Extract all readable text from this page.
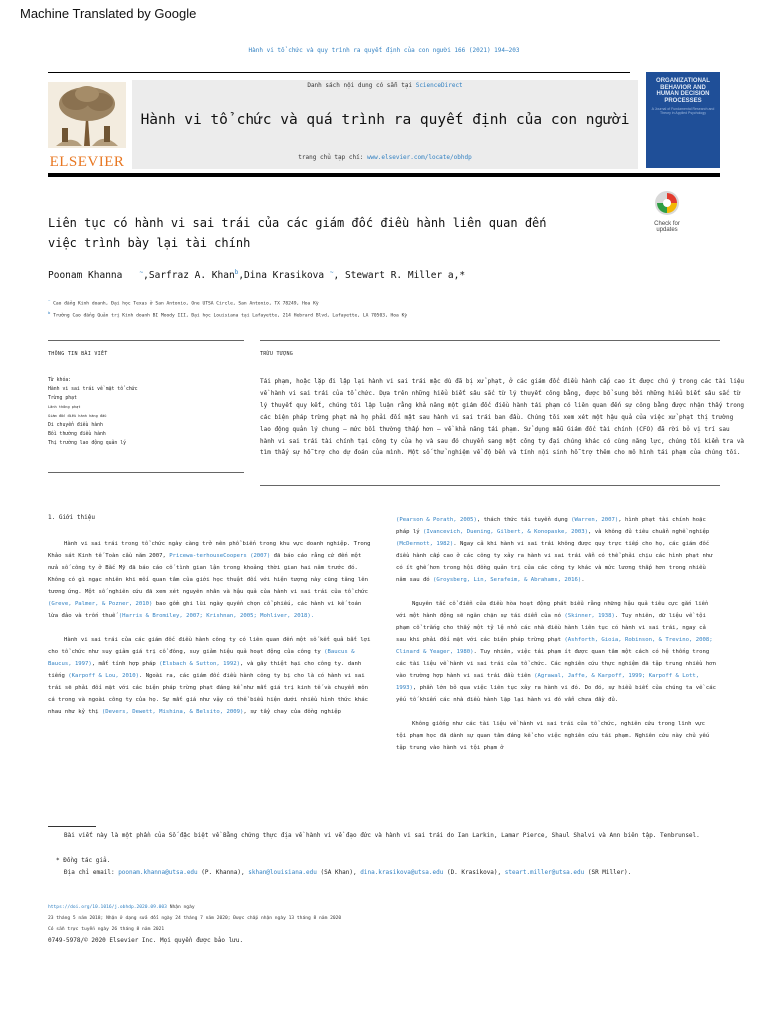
Machine Translated by Google
Hành vi tổ chức và quy trình ra quyết định của con người 166 (2021) 194–203
ELSEVIER
Danh sách nội dung có sẵn tại ScienceDirect
Hành vi tổ chức và quá trình ra quyết định của con người
trang chủ tạp chí: www.elsevier.com/locate/obhdp
ORGANIZATIONAL BEHAVIOR AND HUMAN DECISION PROCESSES
A Journal of Fundamental Research and Theory in Applied Psychology
Check for updates
Liên tục có hành vi sai trái của các giám đốc điều hành liên quan đến
việc trình bày lại tài chính
Poonam Khanna	~,Sarfraz A. Khan$^b$,Dina Krasikova ~, Stewart R. Miller a,*
~ Cao đẳng Kinh doanh, Đại học Texas ở San Antonio, One UTSA Circle, San Antonio, TX 78249, Hoa Kỳ
$^b$ Trường Cao đẳng Quản trị Kinh doanh BI Moody III, Đại học Louisiana tại Lafayette, 214 Hebrard Blvd, Lafayette, LA 70503, Hoa Kỳ
THÔNG TIN BÀI VIẾT	TRỪU TƯỢNG
Từ khóa:
Hành vi sai trái về mặt tổ chức
Trừng phạt
Lãnh thông phạt
Giám đốc điều hành hàng đầu
Di chuyển điều hành
Bồi thường điều hành
Thị trường lao động quản lý

Tái phạm, hoặc lặp đi lặp lại hành vi sai trái mặc dù đã bị xử phạt, ở các giám đốc điều hành cấp cao ít được chú ý trong các tài liệu về hành vi sai trái của tổ chức. Dựa trên những hiểu biết sâu sắc từ lý thuyết công bằng, được bổ sung bởi những hiểu biết sâu sắc từ lý thuyết quy kết, chúng tôi lập luận rằng khả năng một giám đốc điều hành tái phạm có liên quan đến sự công bằng được nhận thấy trong các biện pháp trừng phạt mà họ phải đối mặt sau hành vi sai trái ban đầu. Chúng tôi xem xét một hậu quả của việc xử phạt thị trường lao động quản lý chung – mức bồi thường thấp hơn – về khả năng tái phạm. Sử dụng mẫu Giám đốc tài chính (CFO) đã rời bỏ vị trí sau hành vi sai trái tài chính tại công ty của họ và sau đó chuyển sang một công ty đại chúng khác có cùng năng lực, chúng tôi kiểm tra và tìm thấy sự hỗ trợ cho dự đoán của mình. Một số thử nghiệm về độ bền và tính nội sinh hỗ trợ thêm cho mô hình tái phạm của chúng tôi.

1. Giới thiệu

Hành vi sai trái trong tổ chức ngày càng trở nên phổ biến trong khu vực doanh nghiệp. Trong Khảo sát Kinh tế Toàn cầu năm 2007, Pricewa-terhouseCoopers (2007) đã báo cáo rằng cứ đến một nửa số công ty ở Bắc Mỹ đã báo cáo cố tình gian lận trong khoảng thời gian hai năm trước đó. Không có gì ngạc nhiên khi mối quan tâm của giới học thuật đối với hiện tượng này cũng tăng lên tương ứng. Một số nghiên cứu đã xem xét nguyên nhân và hậu quả của hành vi sai trái của tổ chức (Greve, Palmer, & Pozner, 2010) bao gồm ghi lùi ngày quyền chọn cổ phiếu, các hành vi kế toán lừa đảo và trốn thuế (Harris & Bromiley, 2007; Krishnan, 2005; Mohliver, 2018).

Hành vi sai trái của các giám đốc điều hành công ty có liên quan đến một số kết quả bất lợi cho tổ chức như suy giảm giá trị cổ đông, suy giảm hiệu quả hoạt động của công ty (Baucus & Baucus, 1997), mất tính hợp pháp (Elsbach & Sutton, 1992), và gây thiệt hại cho công ty. danh tiếng (Karpoff & Lou, 2010). Ngoài ra, các giám đốc điều hành công ty bị cho là có hành vi sai trái sẽ phải đối mặt với các biện pháp trừng phạt đáng kể như mất giá trị kinh tế và chuyển môn cá trong và ngoài công ty của họ. Sự mất giá như vậy có thể biểu hiện dưới nhiều hình thức khác nhau như kỷ thị (Devers, Dewett, Mishina, & Belsito, 2009), sự tẩy chay của đồng nghiệp

(Pearson & Porath, 2005), thách thức tái tuyển dụng (Warren, 2007), hình phạt tài chính hoặc pháp lý (Ivancevich, Duening, Gilbert, & Konopaske, 2003), và không đủ tiêu chuẩn nghề nghiệp (McDermott, 1982). Ngay cả khi hành vi sai trái không được quy trực tiếp cho họ, các giám đốc điều hành cấp cao ở các công ty xảy ra hành vi sai trái vẫn có thể phải chịu các hình phạt như có ít ghế hơn trong hội đồng quản trị của các công ty khác và mức lương thấp hơn trong nhiều năm sau đó (Groysberg, Lin, Serafeim, & Abrahams, 2016).

Nguyên tắc cổ điển của điều hòa hoạt động phát biểu rằng những hậu quả tiêu cực gắn liền với một hành động sẽ ngăn chặn sự tái diễn của nó (Skinner, 1938). Tuy nhiên, dữ liệu về tội phạm cổ trắng cho thấy một tỷ lệ nhỏ các nhà điều hành liên tục có hành vi sai trái, ngay cả sau khi phải đối mặt với các biện pháp trừng phạt (Ashforth, Gioia, Robinson, & Trevino, 2008; Clinard & Yeager, 1980). Tuy nhiên, việc tái phạm ít được quan tâm một cách có hệ thống trong các tài liệu về hành vi sai trái của tổ chức. Các nghiên cứu thực nghiệm đã tập trung nhiều hơn vào trường hợp hành vi sai trái đầu tiên (Agrawal, Jaffe, & Karpoff, 1999; Karpoff & Lott, 1993), phần lớn bỏ qua việc liên tục xảy ra hành vi đó. Do đó, sự hiểu biết của chúng ta về các yếu tố khiến các nhà điều hành lặp lại hành vi đó vẫn chưa đầy đủ.

Không giống như các tài liệu về hành vi sai trái của tổ chức, nghiên cứu trong lĩnh vực tội phạm học đã dành sự quan tâm đáng kể cho việc nghiên cứu tái phạm. Nghiên cứu này chủ yếu tập trung vào hành vi tội phạm ở

Bài viết này là một phần của Số đặc biệt về Bằng chứng thực địa về hành vi về đạo đức và hành vi sai trái do Ian Larkin, Lamar Pierce, Shaul Shalvi và Ann biên tập. Tenbrunsel.
* Đồng tác giả.
Địa chỉ email: poonam.khanna@utsa.edu (P. Khanna), skhan@louisiana.edu (SA Khan), dina.krasikova@utsa.edu (D. Krasikova), steart.miller@utsa.edu (SR Miller).
https://doi.org/10.1016/j.obhdp.2020.09.003 Nhận ngày
23 tháng 5 năm 2018; Nhận ở dạng sửa đổi ngày 24 tháng 7 năm 2020; Được chấp nhận ngày 13 tháng 8 năm 2020
Có sẵn trực tuyến ngày 26 tháng 8 năm 2021
0749-5978/© 2020 Elsevier Inc. Mọi quyền được bảo lưu.
